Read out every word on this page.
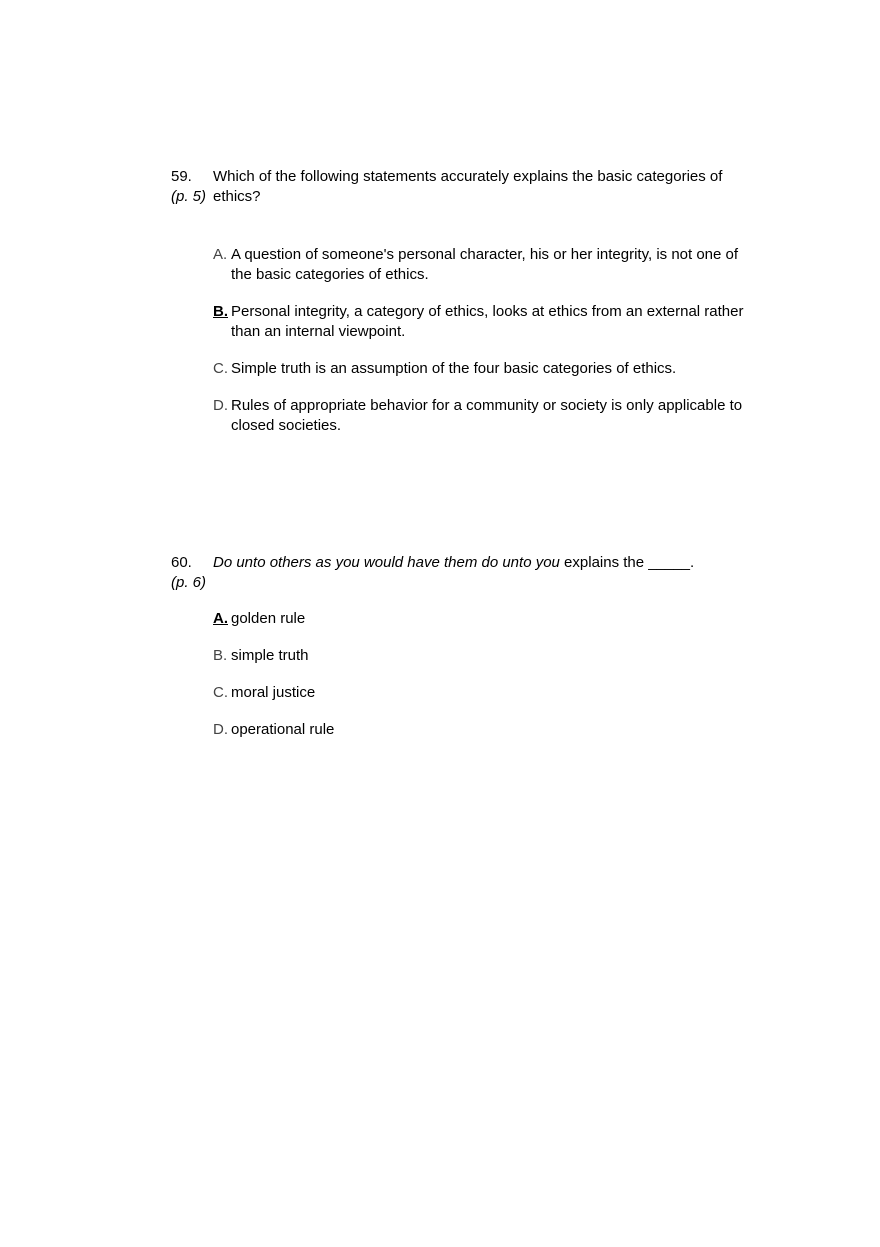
59.
(p. 5)
Which of the following statements accurately explains the basic categories of ethics?
A. A question of someone's personal character, his or her integrity, is not one of the basic categories of ethics.
B. Personal integrity, a category of ethics, looks at ethics from an external rather than an internal viewpoint.
C. Simple truth is an assumption of the four basic categories of ethics.
D. Rules of appropriate behavior for a community or society is only applicable to closed societies.
60.
(p. 6)
Do unto others as you would have them do unto you explains the _____.
A. golden rule
B. simple truth
C. moral justice
D. operational rule
